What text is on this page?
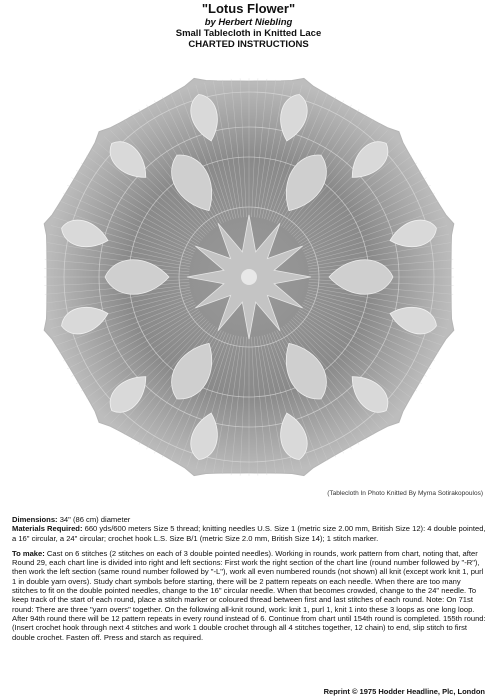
"Lotus Flower"
by Herbert Niebling
Small Tablecloth in Knitted Lace
CHARTED INSTRUCTIONS
(Tablecloth In Photo Knitted By Myrna Sotirakopoulos)

Dimensions: 34" (86 cm) diameter
Materials Required: 660 yds/600 meters Size 5 thread; knitting needles U.S. Size 1 (metric size 2.00 mm, British Size 12): 4 double pointed, a 16" circular, a 24" circular; crochet hook L.S. Size B/1 (metric Size 2.0 mm, British Size 14); 1 stitch marker.

To make: Cast on 6 stitches (2 stitches on each of 3 double pointed needles). Working in rounds, work pattern from chart, noting that, after Round 29, each chart line is divided into right and left sections: First work the right section of the chart line (round number followed by "-R"), then work the left section (same round number followed by "-L"), work all even numbered rounds (not shown) all knit (except work knit 1, purl 1 in double yarn overs). Study chart symbols before starting, there will be 2 pattern repeats on each needle. When there are too many stitches to fit on the double pointed needles, change to the 16" circular needle. When that becomes crowded, change to the 24" needle. To keep track of the start of each round, place a stitch marker or coloured thread between first and last stitches of each round. Note: On 71st round: There are three "yarn overs" together. On the following all-knit round, work: knit 1, purl 1, knit 1 into these 3 loops as one long loop. After 94th round there will be 12 pattern repeats in every round instead of 6. Continue from chart until 154th round is completed. 155th round: (Insert crochet hook through next 4 stitches and work 1 double crochet through all 4 stitches together, 12 chain) to end, slip stitch to first double crochet. Fasten off. Press and starch as required.

Reprint © 1975 Hodder Headline, Plc, London
